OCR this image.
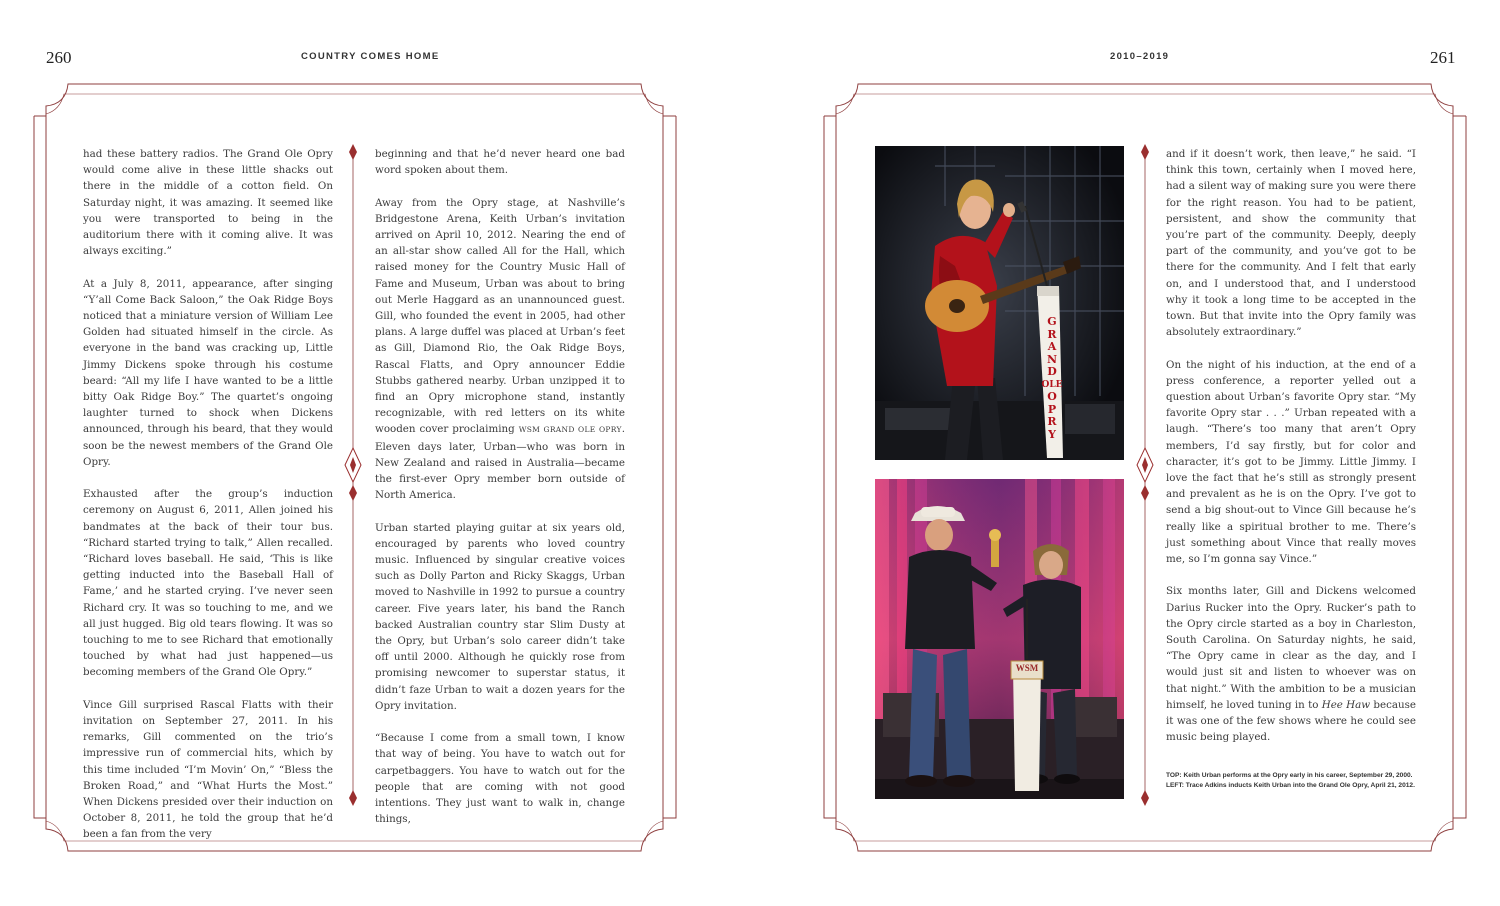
260	COUNTRY COMES HOME

had these battery radios. The Grand Ole Opry would come alive in these little shacks out there in the middle of a cotton field. On Saturday night, it was amazing. It seemed like you were transported to being in the auditorium there with it coming alive. It was always exciting.”

At a July 8, 2011, appearance, after singing “Y’all Come Back Saloon,” the Oak Ridge Boys noticed that a miniature version of William Lee Golden had situated himself in the circle. As everyone in the band was cracking up, Little Jimmy Dickens spoke through his costume beard: “All my life I have wanted to be a little bitty Oak Ridge Boy.” The quartet’s ongoing laughter turned to shock when Dickens announced, through his beard, that they would soon be the newest members of the Grand Ole Opry.

Exhausted after the group’s induction ceremony on August 6, 2011, Allen joined his bandmates at the back of their tour bus. “Richard started trying to talk,” Allen recalled. “Richard loves baseball. He said, ‘This is like getting inducted into the Baseball Hall of Fame,’ and he started crying. I’ve never seen Richard cry. It was so touching to me, and we all just hugged. Big old tears flowing. It was so touching to me to see Richard that emotionally touched by what had just happened—us becoming members of the Grand Ole Opry.”

Vince Gill surprised Rascal Flatts with their invitation on September 27, 2011. In his remarks, Gill commented on the trio’s impressive run of commercial hits, which by this time included “I’m Movin’ On,” “Bless the Broken Road,” and “What Hurts the Most.” When Dickens presided over their induction on October 8, 2011, he told the group that he’d been a fan from the very

beginning and that he’d never heard one bad word spoken about them.

Away from the Opry stage, at Nashville’s Bridgestone Arena, Keith Urban’s invitation arrived on April 10, 2012. Nearing the end of an all-star show called All for the Hall, which raised money for the Country Music Hall of Fame and Museum, Urban was about to bring out Merle Haggard as an unannounced guest. Gill, who founded the event in 2005, had other plans. A large duffel was placed at Urban’s feet as Gill, Diamond Rio, the Oak Ridge Boys, Rascal Flatts, and Opry announcer Eddie Stubbs gathered nearby. Urban unzipped it to find an Opry microphone stand, instantly recognizable, with red letters on its white wooden cover proclaiming WSM GRAND OLE OPRY. Eleven days later, Urban—who was born in New Zealand and raised in Australia—became the first-ever Opry member born outside of North America.

Urban started playing guitar at six years old, encouraged by parents who loved country music. Influenced by singular creative voices such as Dolly Parton and Ricky Skaggs, Urban moved to Nashville in 1992 to pursue a country career. Five years later, his band the Ranch backed Australian country star Slim Dusty at the Opry, but Urban’s solo career didn’t take off until 2000. Although he quickly rose from promising newcomer to superstar status, it didn’t faze Urban to wait a dozen years for the Opry invitation.

“Because I come from a small town, I know that way of being. You have to watch out for carpetbaggers. You have to watch out for the people that are coming with not good intentions. They just want to walk in, change things,

2010–2019	261
G
R
A
N
D
OLE
O
P
R
Y
WSM

and if it doesn’t work, then leave,” he said. “I think this town, certainly when I moved here, had a silent way of making sure you were there for the right reason. You had to be patient, persistent, and show the community that you’re part of the community. Deeply, deeply part of the community, and you’ve got to be there for the community. And I felt that early on, and I understood that, and I understood why it took a long time to be accepted in the town. But that invite into the Opry family was absolutely extraordinary.”

On the night of his induction, at the end of a press conference, a reporter yelled out a question about Urban’s favorite Opry star. “My favorite Opry star . . .” Urban repeated with a laugh. “There’s too many that aren’t Opry members, I’d say firstly, but for color and character, it’s got to be Jimmy. Little Jimmy. I love the fact that he’s still as strongly present and prevalent as he is on the Opry. I’ve got to send a big shout-out to Vince Gill because he’s really like a spiritual brother to me. There’s just something about Vince that really moves me, so I’m gonna say Vince.”

Six months later, Gill and Dickens welcomed Darius Rucker into the Opry. Rucker’s path to the Opry circle started as a boy in Charleston, South Carolina. On Saturday nights, he said, “The Opry came in clear as the day, and I would just sit and listen to whoever was on that night.” With the ambition to be a musician himself, he loved tuning in to Hee Haw because it was one of the few shows where he could see music being played.

TOP: Keith Urban performs at the Opry early in his career, September 29, 2000. LEFT: Trace Adkins inducts Keith Urban into the Grand Ole Opry, April 21, 2012.
